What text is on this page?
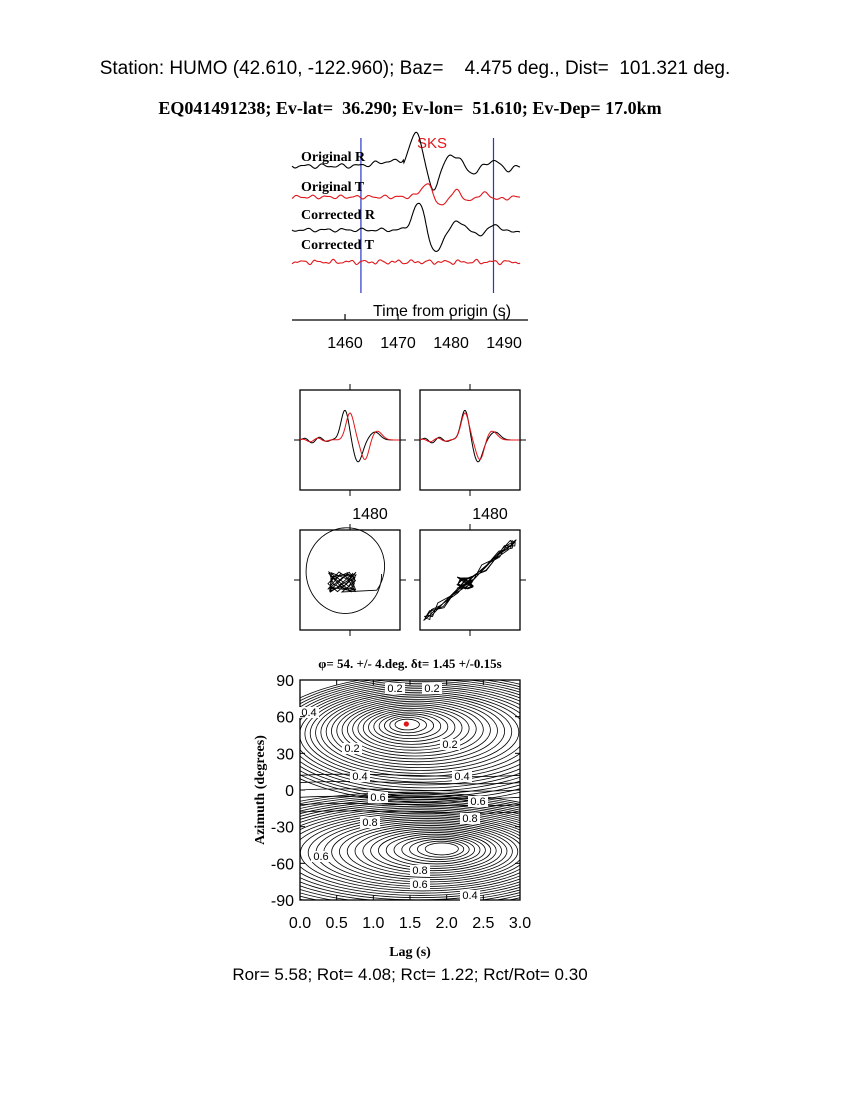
Station: HUMO (42.610, -122.960); Baz=    4.475 deg., Dist=  101.321 deg.
EQ041491238; Ev-lat=  36.290; Ev-lon=  51.610; Ev-Dep= 17.0km
SKS
Original R
Original T
Corrected R
Corrected T
Time from origin (s)
1460 1470 1480 1490
1480	1480
φ= 54. +/- 4.deg. δt= 1.45 +/-0.15s
0.2 0.2
0.4
0.2	0.2
0.4	0.4
0.6	0.6
0.8	0.8
0.6
0.8
0.6
0.4
0.0 0.5 1.0 1.5 2.0 2.5 3.0
90
60
30
0
-30
-60
-90
Azimuth (degrees)
Lag (s)
Ror= 5.58; Rot= 4.08; Rct= 1.22; Rct/Rot= 0.30
